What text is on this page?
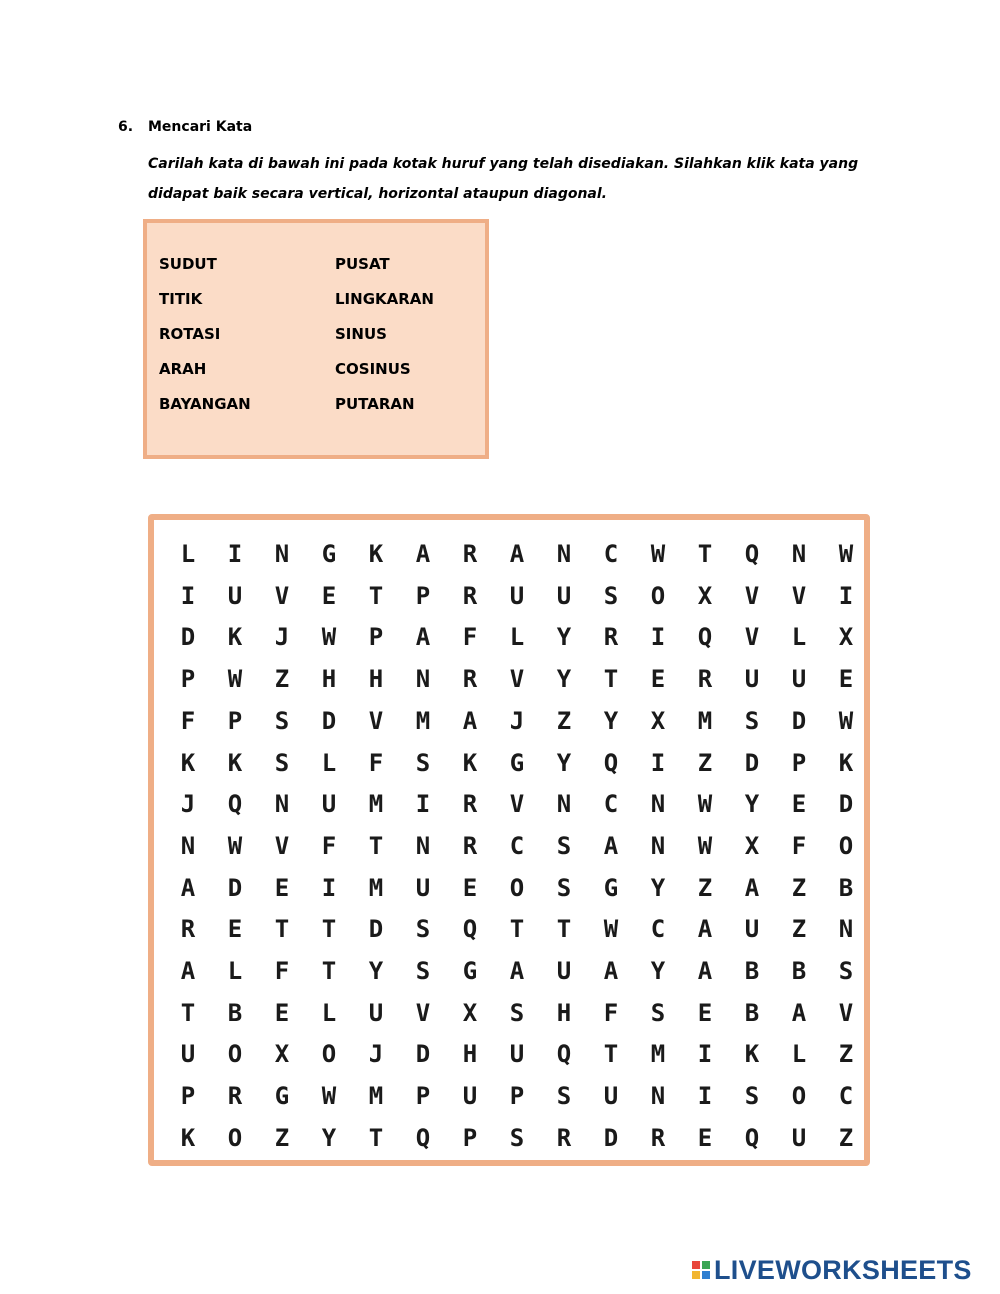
6. Mencari Kata
Carilah kata di bawah ini pada kotak huruf yang telah disediakan. Silahkan klik kata yang didapat baik secara vertical, horizontal ataupun diagonal.
SUDUT
TITIK
ROTASI
ARAH
BAYANGAN
PUSAT
LINGKARAN
SINUS
COSINUS
PUTARAN
L	I	N	G	K	A	R	A	N	C	W	T	Q	N	W
I	U	V	E	T	P	R	U	U	S	O	X	V	V	I
D	K	J	W	P	A	F	L	Y	R	I	Q	V	L	X
P	W	Z	H	H	N	R	V	Y	T	E	R	U	U	E
F	P	S	D	V	M	A	J	Z	Y	X	M	S	D	W
K	K	S	L	F	S	K	G	Y	Q	I	Z	D	P	K
J	Q	N	U	M	I	R	V	N	C	N	W	Y	E	D
N	W	V	F	T	N	R	C	S	A	N	W	X	F	O
A	D	E	I	M	U	E	O	S	G	Y	Z	A	Z	B
R	E	T	T	D	S	Q	T	T	W	C	A	U	Z	N
A	L	F	T	Y	S	G	A	U	A	Y	A	B	B	S
T	B	E	L	U	V	X	S	H	F	S	E	B	A	V
U	O	X	O	J	D	H	U	Q	T	M	I	K	L	Z
P	R	G	W	M	P	U	P	S	U	N	I	S	O	C
K	O	Z	Y	T	Q	P	S	R	D	R	E	Q	U	Z
LIVEWORKSHEETS
